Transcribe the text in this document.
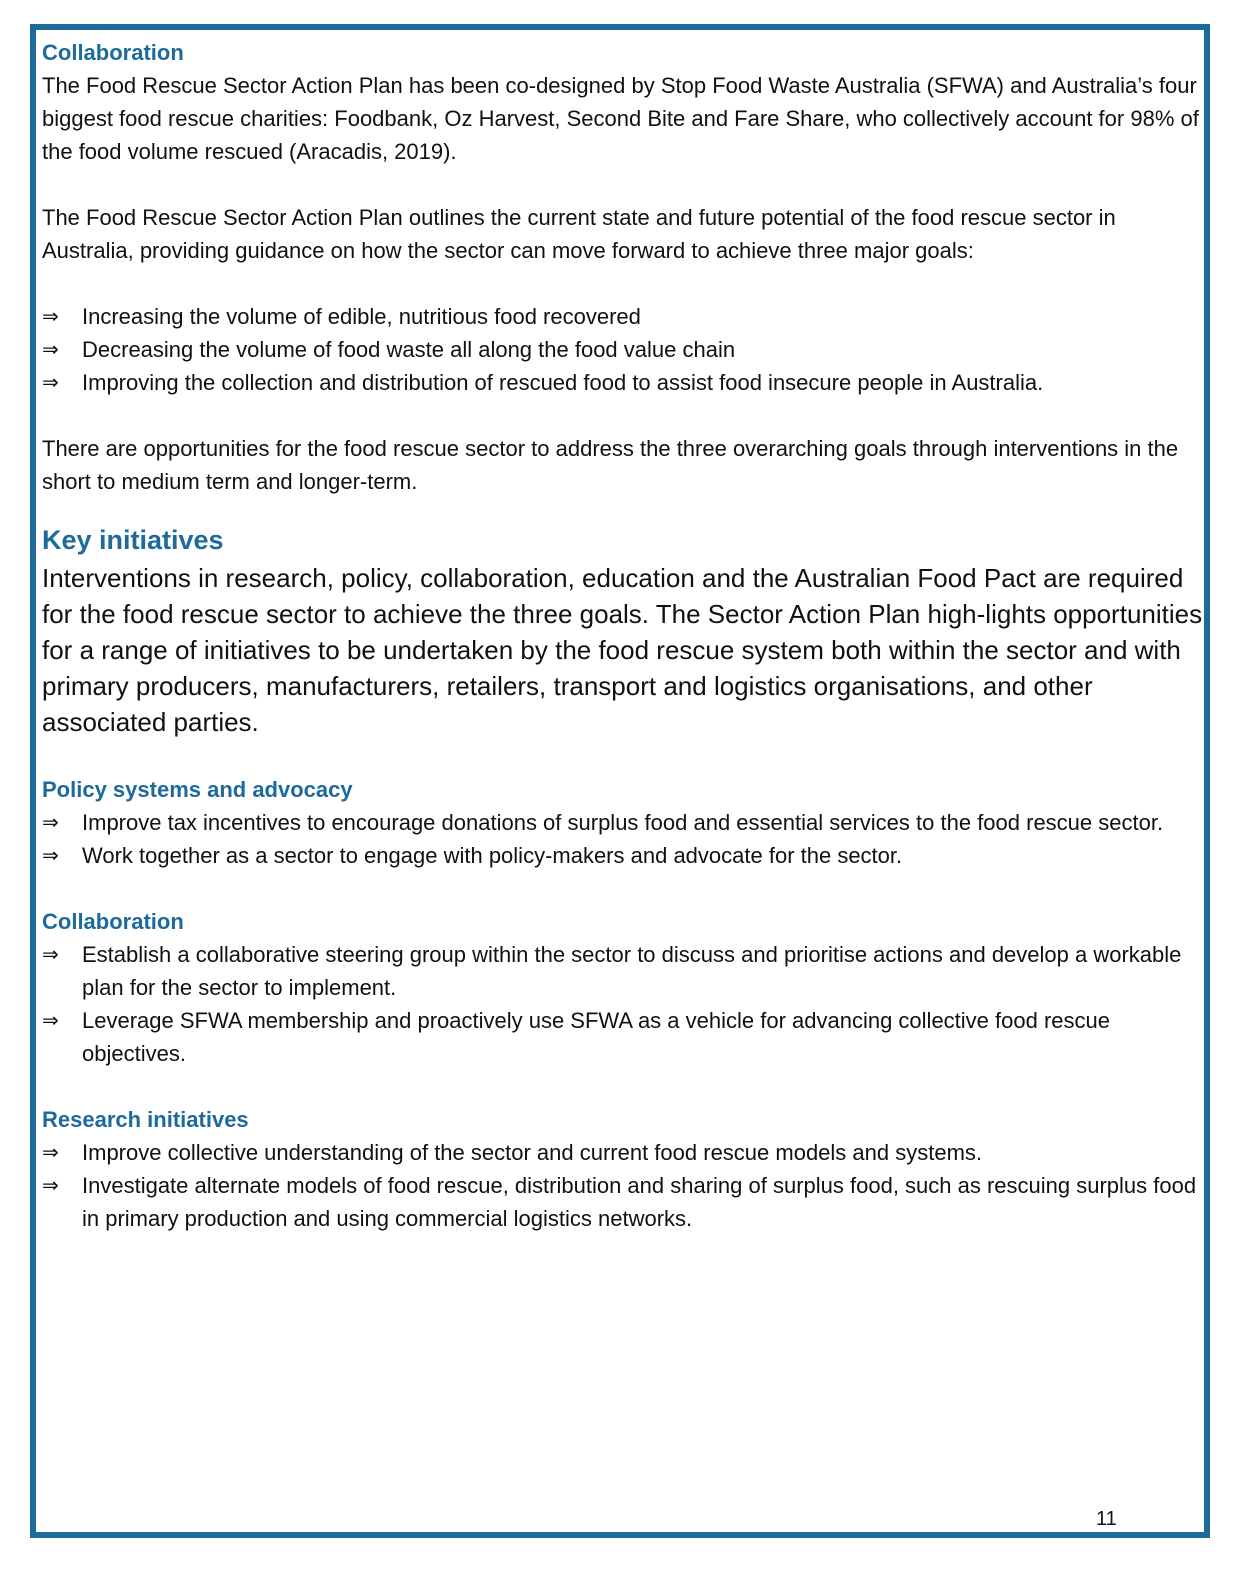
Collaboration

The Food Rescue Sector Action Plan has been co-designed by Stop Food Waste Australia (SFWA) and Australia’s four biggest food rescue charities: Foodbank, Oz Harvest, Second Bite and Fare Share, who collectively account for 98% of the food volume rescued (Aracadis, 2019).

The Food Rescue Sector Action Plan outlines the current state and future potential of the food rescue sector in Australia, providing guidance on how the sector can move forward to achieve three major goals:

⇒	Increasing the volume of edible, nutritious food recovered
⇒	Decreasing the volume of food waste all along the food value chain
⇒	Improving the collection and distribution of rescued food to assist food insecure people in Australia.

There are opportunities for the food rescue sector to address the three overarching goals through interventions in the short to medium term and longer-term.

Key initiatives

Interventions in research, policy, collaboration, education and the Australian Food Pact are required for the food rescue sector to achieve the three goals. The Sector Action Plan high-lights opportunities for a range of initiatives to be undertaken by the food rescue system both within the sector and with primary producers, manufacturers, retailers, transport and logistics organisations, and other associated parties.

Policy systems and advocacy
⇒	Improve tax incentives to encourage donations of surplus food and essential services to the food rescue sector.
⇒	Work together as a sector to engage with policy-makers and advocate for the sector.
Collaboration
⇒	Establish a collaborative steering group within the sector to discuss and prioritise actions and develop a workable plan for the sector to implement.
⇒	Leverage SFWA membership and proactively use SFWA as a vehicle for advancing collective food rescue objectives.
Research initiatives
⇒	Improve collective understanding of the sector and current food rescue models and systems.
⇒	Investigate alternate models of food rescue, distribution and sharing of surplus food, such as rescuing surplus food in primary production and using commercial logistics networks.
11
